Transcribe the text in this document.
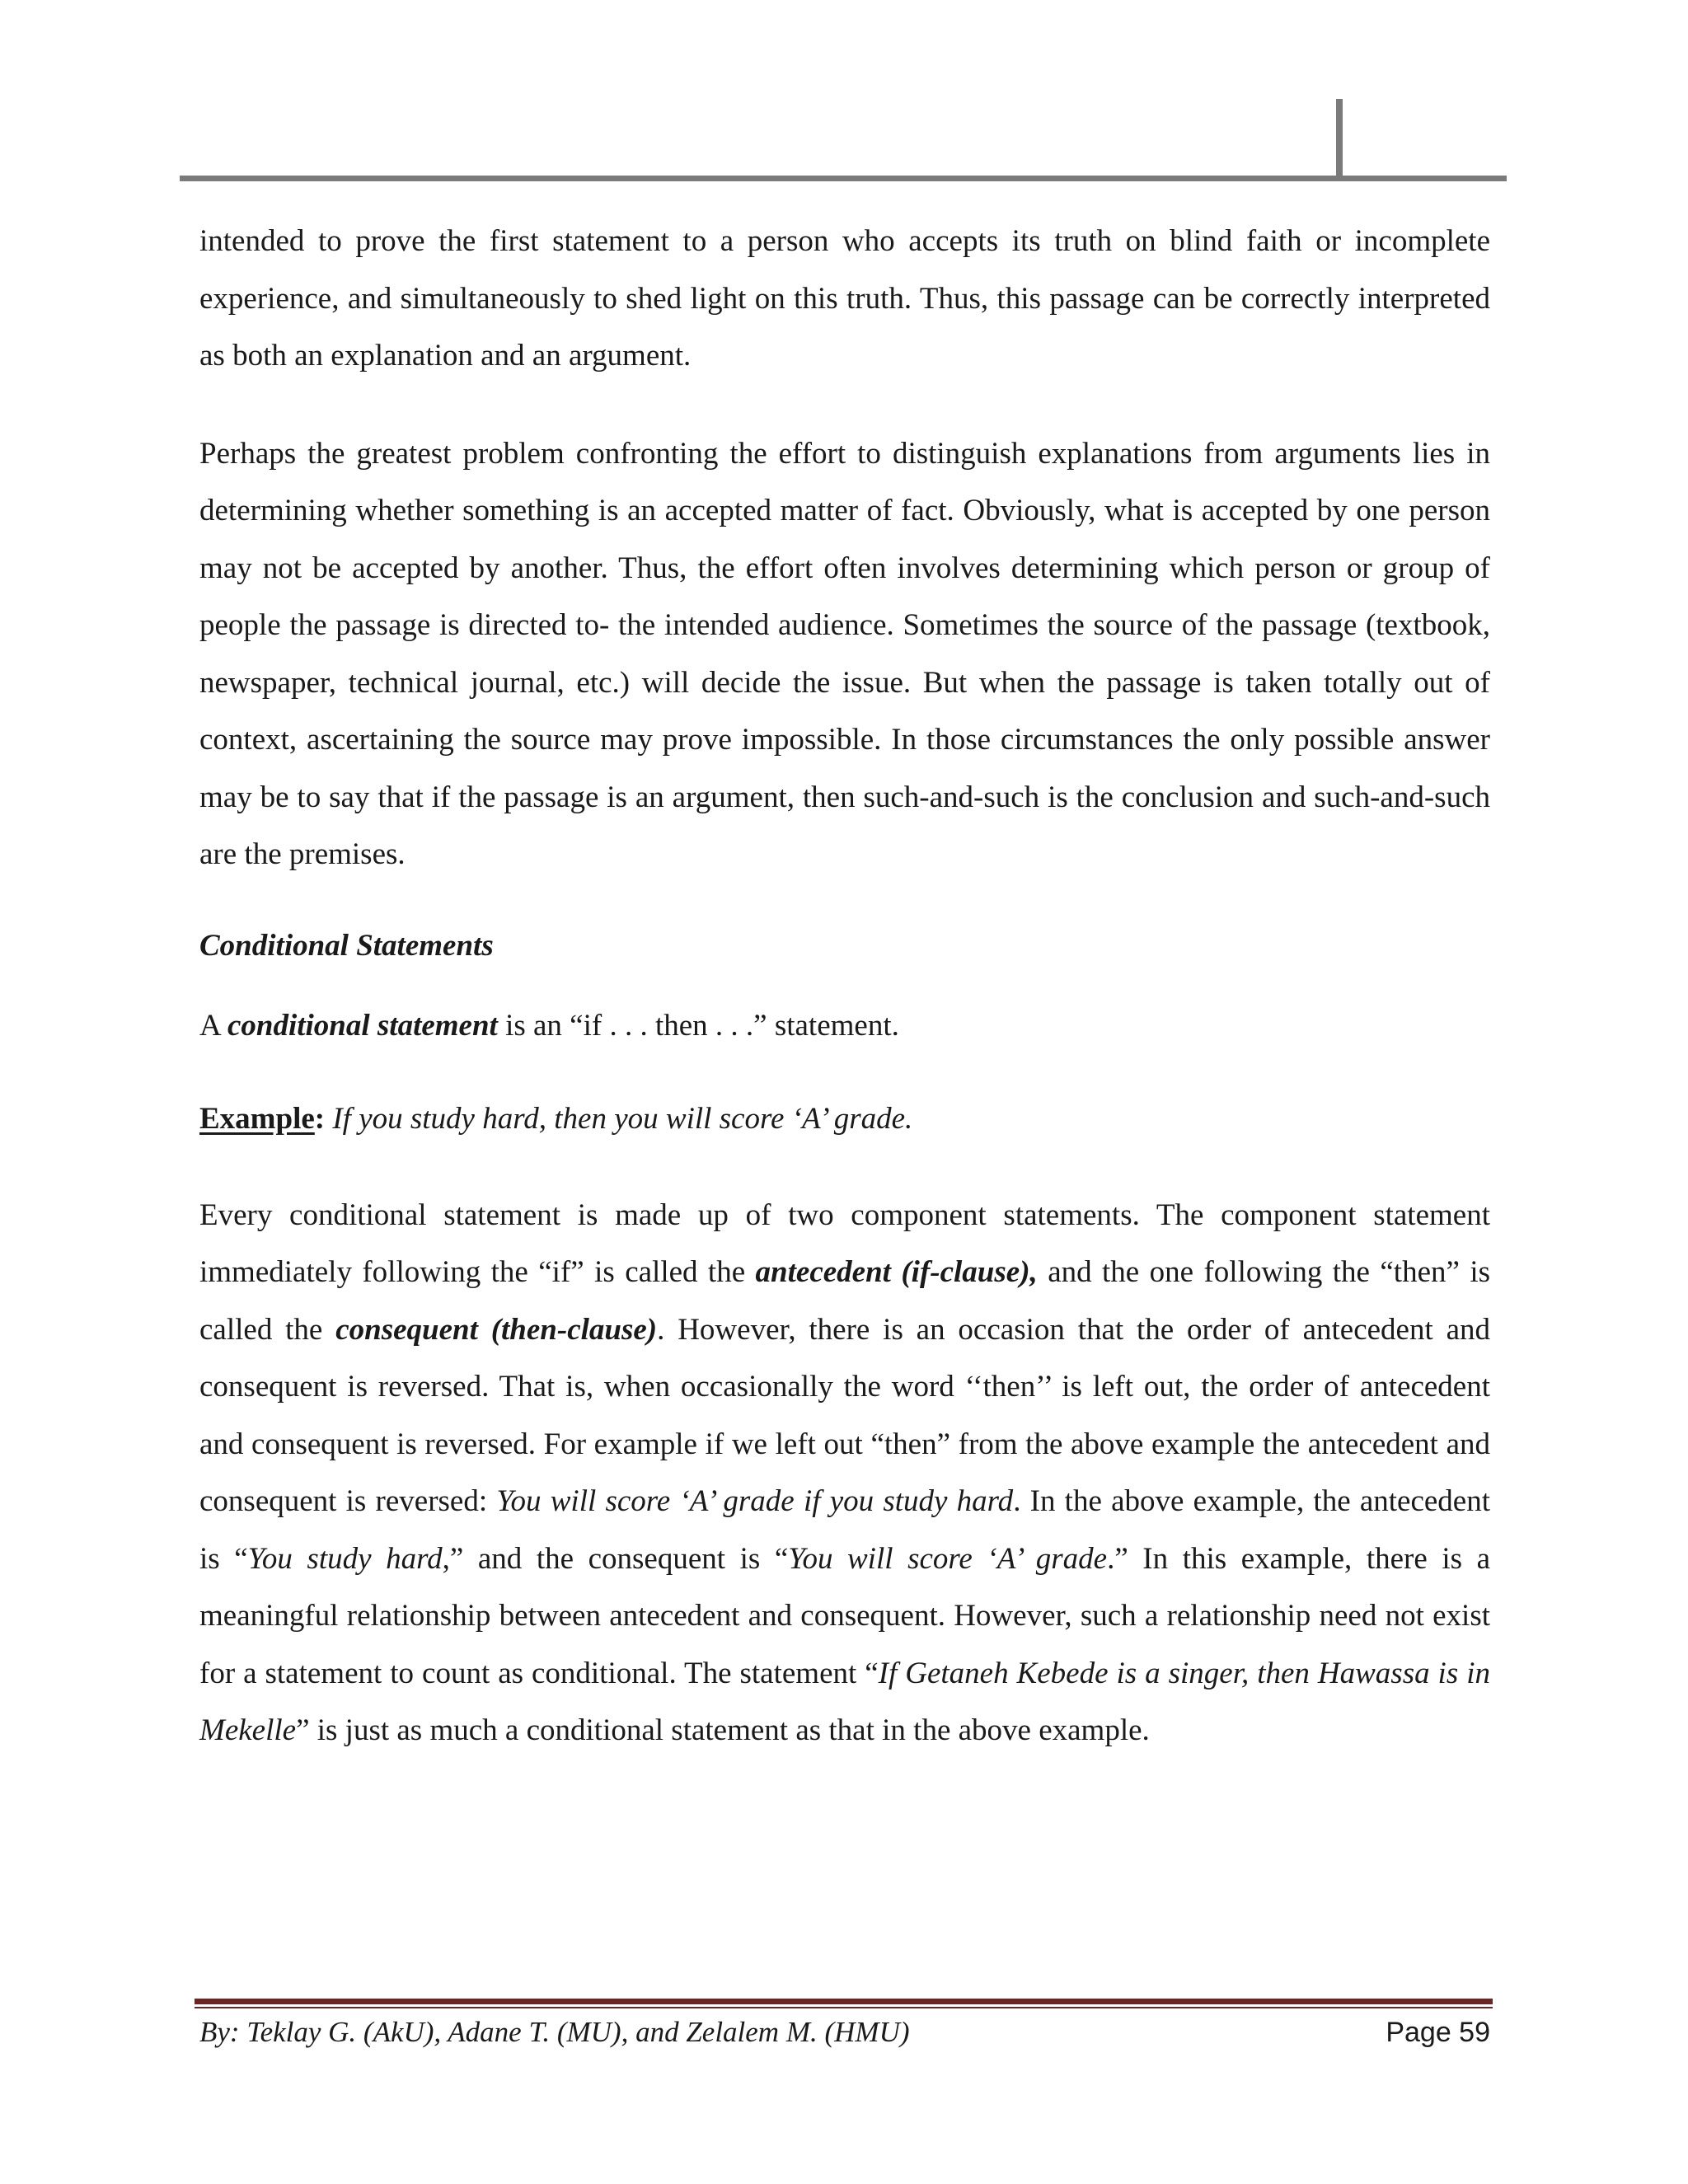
intended to prove the first statement to a person who accepts its truth on blind faith or incomplete experience, and simultaneously to shed light on this truth. Thus, this passage can be correctly interpreted as both an explanation and an argument.

Perhaps the greatest problem confronting the effort to distinguish explanations from arguments lies in determining whether something is an accepted matter of fact. Obviously, what is accepted by one person may not be accepted by another. Thus, the effort often involves determining which person or group of people the passage is directed to- the intended audience. Sometimes the source of the passage (textbook, newspaper, technical journal, etc.) will decide the issue. But when the passage is taken totally out of context, ascertaining the source may prove impossible. In those circumstances the only possible answer may be to say that if the passage is an argument, then such-and-such is the conclusion and such-and-such are the premises.

Conditional Statements

A conditional statement is an “if . . . then . . .” statement.

Example: If you study hard, then you will score ‘A’ grade.

Every conditional statement is made up of two component statements. The component statement immediately following the “if” is called the antecedent (if-clause), and the one following the “then” is called the consequent (then-clause). However, there is an occasion that the order of antecedent and consequent is reversed. That is, when occasionally the word ‘‘then’’ is left out, the order of antecedent and consequent is reversed. For example if we left out “then” from the above example the antecedent and consequent is reversed: You will score ‘A’ grade if you study hard. In the above example, the antecedent is “You study hard,” and the consequent is “You will score ‘A’ grade.” In this example, there is a meaningful relationship between antecedent and consequent. However, such a relationship need not exist for a statement to count as conditional. The statement “If Getaneh Kebede is a singer, then Hawassa is in Mekelle” is just as much a conditional statement as that in the above example.

By: Teklay G. (AkU), Adane T. (MU), and Zelalem M. (HMU)	Page 59
